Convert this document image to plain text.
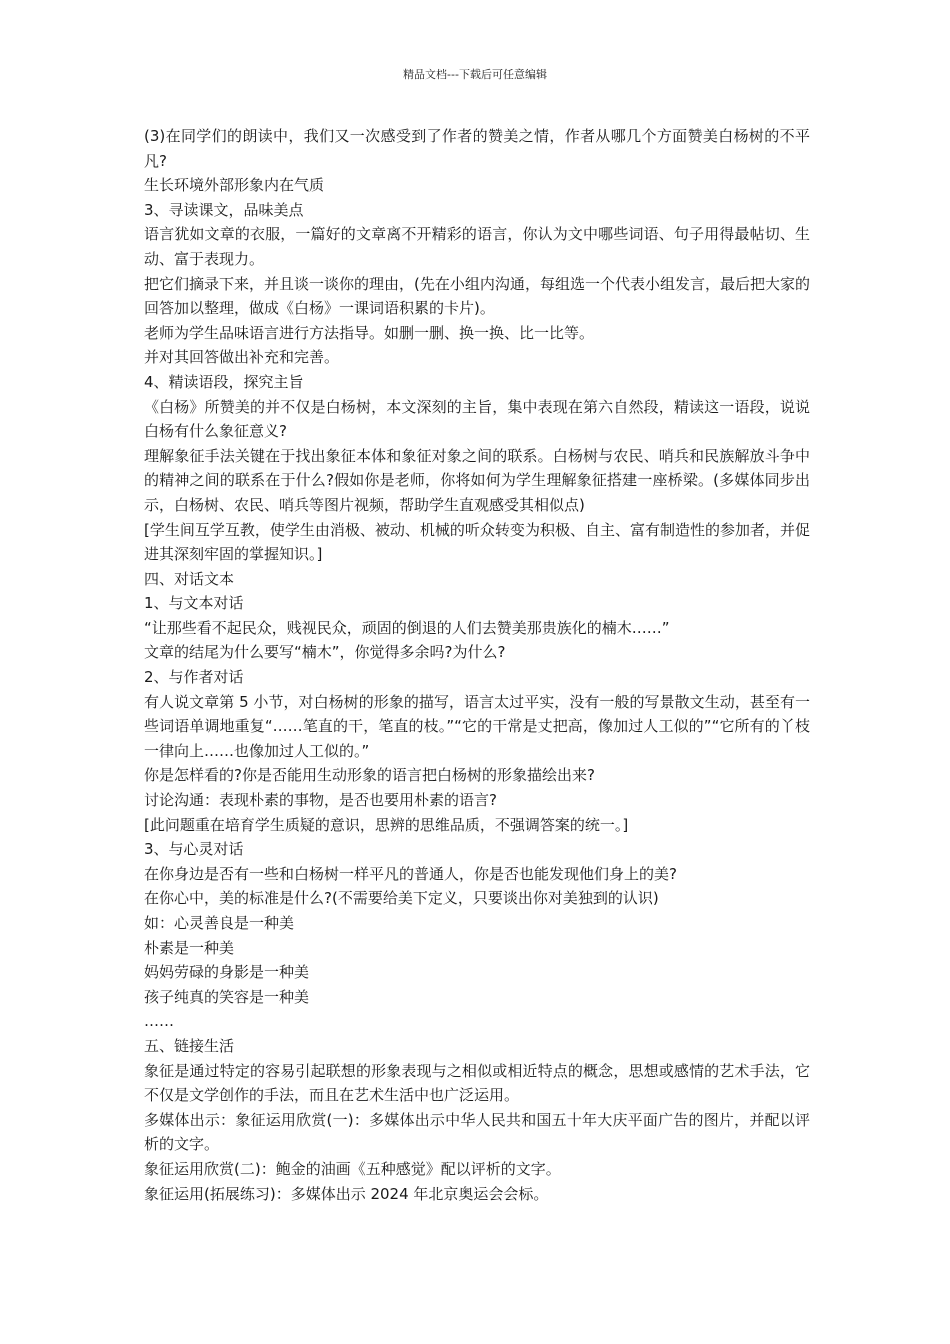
精品文档---下载后可任意编辑

(3)在同学们的朗读中，我们又一次感受到了作者的赞美之情，作者从哪几个方面赞美白杨树的不平凡?

生长环境外部形象内在气质

3、寻读课文，品味美点

语言犹如文章的衣服，一篇好的文章离不开精彩的语言，你认为文中哪些词语、句子用得最帖切、生动、富于表现力。

把它们摘录下来，并且谈一谈你的理由，(先在小组内沟通，每组选一个代表小组发言，最后把大家的回答加以整理，做成《白杨》一课词语积累的卡片)。

老师为学生品味语言进行方法指导。如删一删、换一换、比一比等。

并对其回答做出补充和完善。

4、精读语段，探究主旨

《白杨》所赞美的并不仅是白杨树，本文深刻的主旨，集中表现在第六自然段，精读这一语段，说说白杨有什么象征意义?

理解象征手法关键在于找出象征本体和象征对象之间的联系。白杨树与农民、哨兵和民族解放斗争中的精神之间的联系在于什么?假如你是老师，你将如何为学生理解象征搭建一座桥梁。(多媒体同步出示，白杨树、农民、哨兵等图片视频，帮助学生直观感受其相似点)

[学生间互学互教，使学生由消极、被动、机械的听众转变为积极、自主、富有制造性的参加者，并促进其深刻牢固的掌握知识。]

四、对话文本

1、与文本对话

“让那些看不起民众，贱视民众，顽固的倒退的人们去赞美那贵族化的楠木……”

文章的结尾为什么要写“楠木”，你觉得多余吗?为什么?

2、与作者对话

有人说文章第 5 小节，对白杨树的形象的描写，语言太过平实，没有一般的写景散文生动，甚至有一些词语单调地重复“……笔直的干，笔直的枝。”“它的干常是丈把高，像加过人工似的”“它所有的丫枝一律向上……也像加过人工似的。”

你是怎样看的?你是否能用生动形象的语言把白杨树的形象描绘出来?

讨论沟通：表现朴素的事物，是否也要用朴素的语言?

[此问题重在培育学生质疑的意识，思辨的思维品质，不强调答案的统一。]

3、与心灵对话

在你身边是否有一些和白杨树一样平凡的普通人，你是否也能发现他们身上的美?

在你心中，美的标准是什么?(不需要给美下定义，只要谈出你对美独到的认识)

如：心灵善良是一种美

朴素是一种美

妈妈劳碌的身影是一种美

孩子纯真的笑容是一种美

……

五、链接生活

象征是通过特定的容易引起联想的形象表现与之相似或相近特点的概念，思想或感情的艺术手法，它不仅是文学创作的手法，而且在艺术生活中也广泛运用。

多媒体出示：象征运用欣赏(一)：多媒体出示中华人民共和国五十年大庆平面广告的图片，并配以评析的文字。

象征运用欣赏(二)：鲍金的油画《五种感觉》配以评析的文字。

象征运用(拓展练习)：多媒体出示 2024 年北京奥运会会标。
